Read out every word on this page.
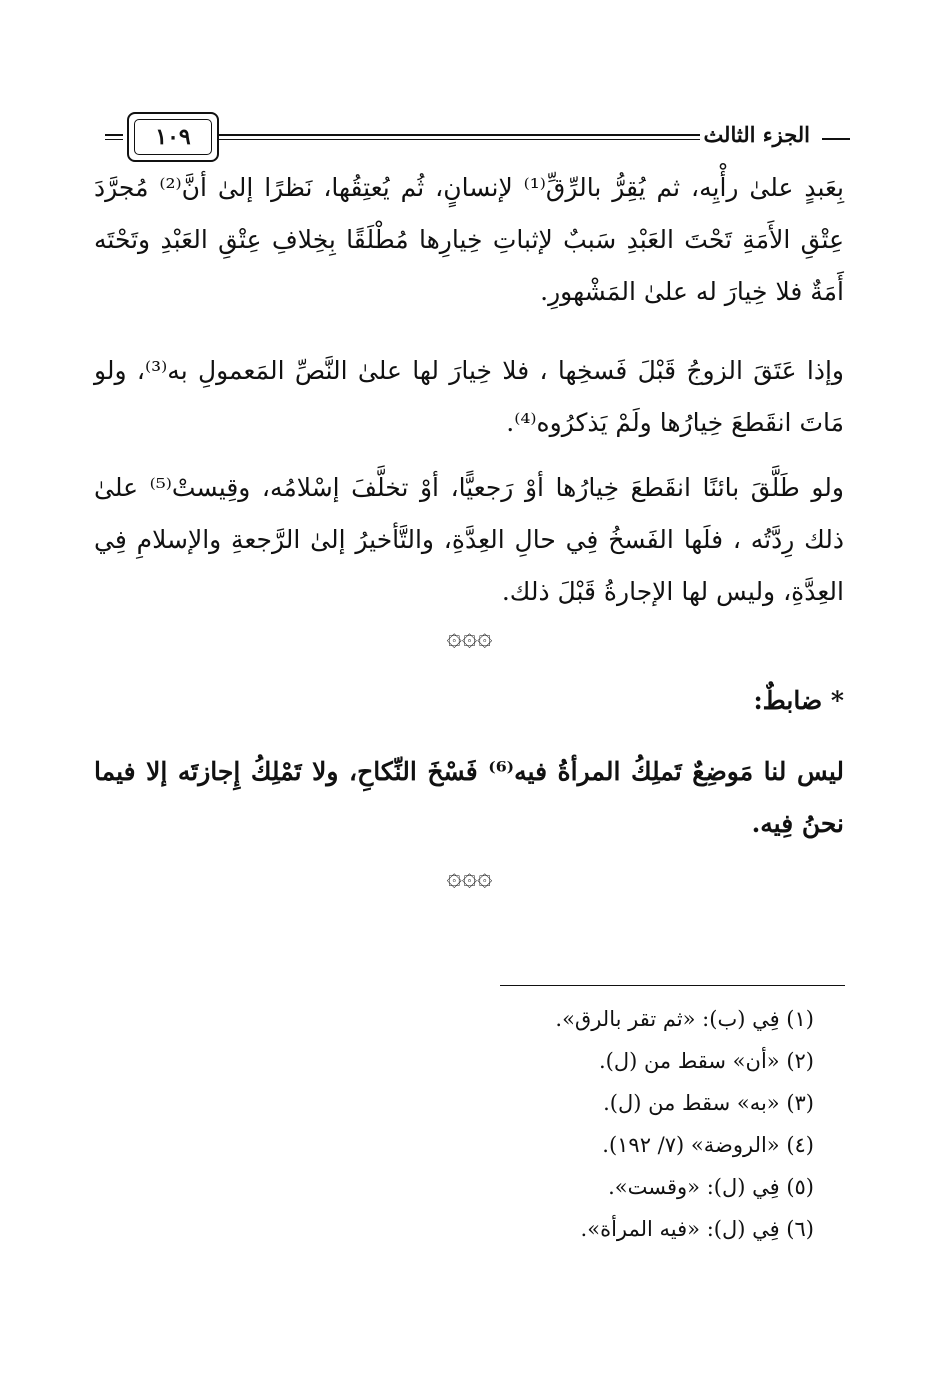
الجزء الثالث
١٠٩
بِعَبدٍ علىٰ رأْيِه، ثم يُقِرُّ بالرِّقِّ⁽¹⁾ لإنسانٍ، ثُم يُعتِقُها، نَظرًا إلىٰ أنَّ⁽²⁾ مُجرَّدَ عِتْقِ الأَمَةِ تَحْتَ العَبْدِ سَببٌ لإثباتِ خِيارِها مُطْلَقًا بِخِلافِ عِتْقِ العَبْدِ وتَحْتَه أَمَةٌ فلا خِيارَ له علىٰ المَشْهورِ.
وإذا عَتَقَ الزوجُ قَبْلَ فَسخِها ، فلا خِيارَ لها علىٰ النَّصِّ المَعمولِ به⁽³⁾، ولو مَاتَ انقَطعَ خِيارُها ولَمْ يَذكرُوه⁽⁴⁾.
ولو طَلَّقَ بائنًا انقَطعَ خِيارُها أوْ رَجعيًّا، أوْ تخلَّفَ إسْلامُه، وقِيستْ⁽⁵⁾ علىٰ ذلك رِدَّتُه ، فلَها الفَسخُ فِي حالِ العِدَّةِ، والتَّأخيرُ إلىٰ الرَّجعةِ والإسلامِ فِي العِدَّةِ، وليس لها الإجارةُ قَبْلَ ذلك.
۞۞۞
* ضابطٌ:
ليس لنا مَوضِعٌ تَملِكُ المرأةُ فيه⁽⁶⁾ فَسْخَ النِّكاحِ، ولا تَمْلِكُ إِجازتَه إلا فيما نحنُ فِيه.
۞۞۞
(١) فِي (ب): «ثم تقر بالرق».
(٢) «أن» سقط من (ل).
(٣) «به» سقط من (ل).
(٤) «الروضة» (٧/ ١٩٢).
(٥) فِي (ل): «وقست».
(٦) فِي (ل): «فيه المرأة».
